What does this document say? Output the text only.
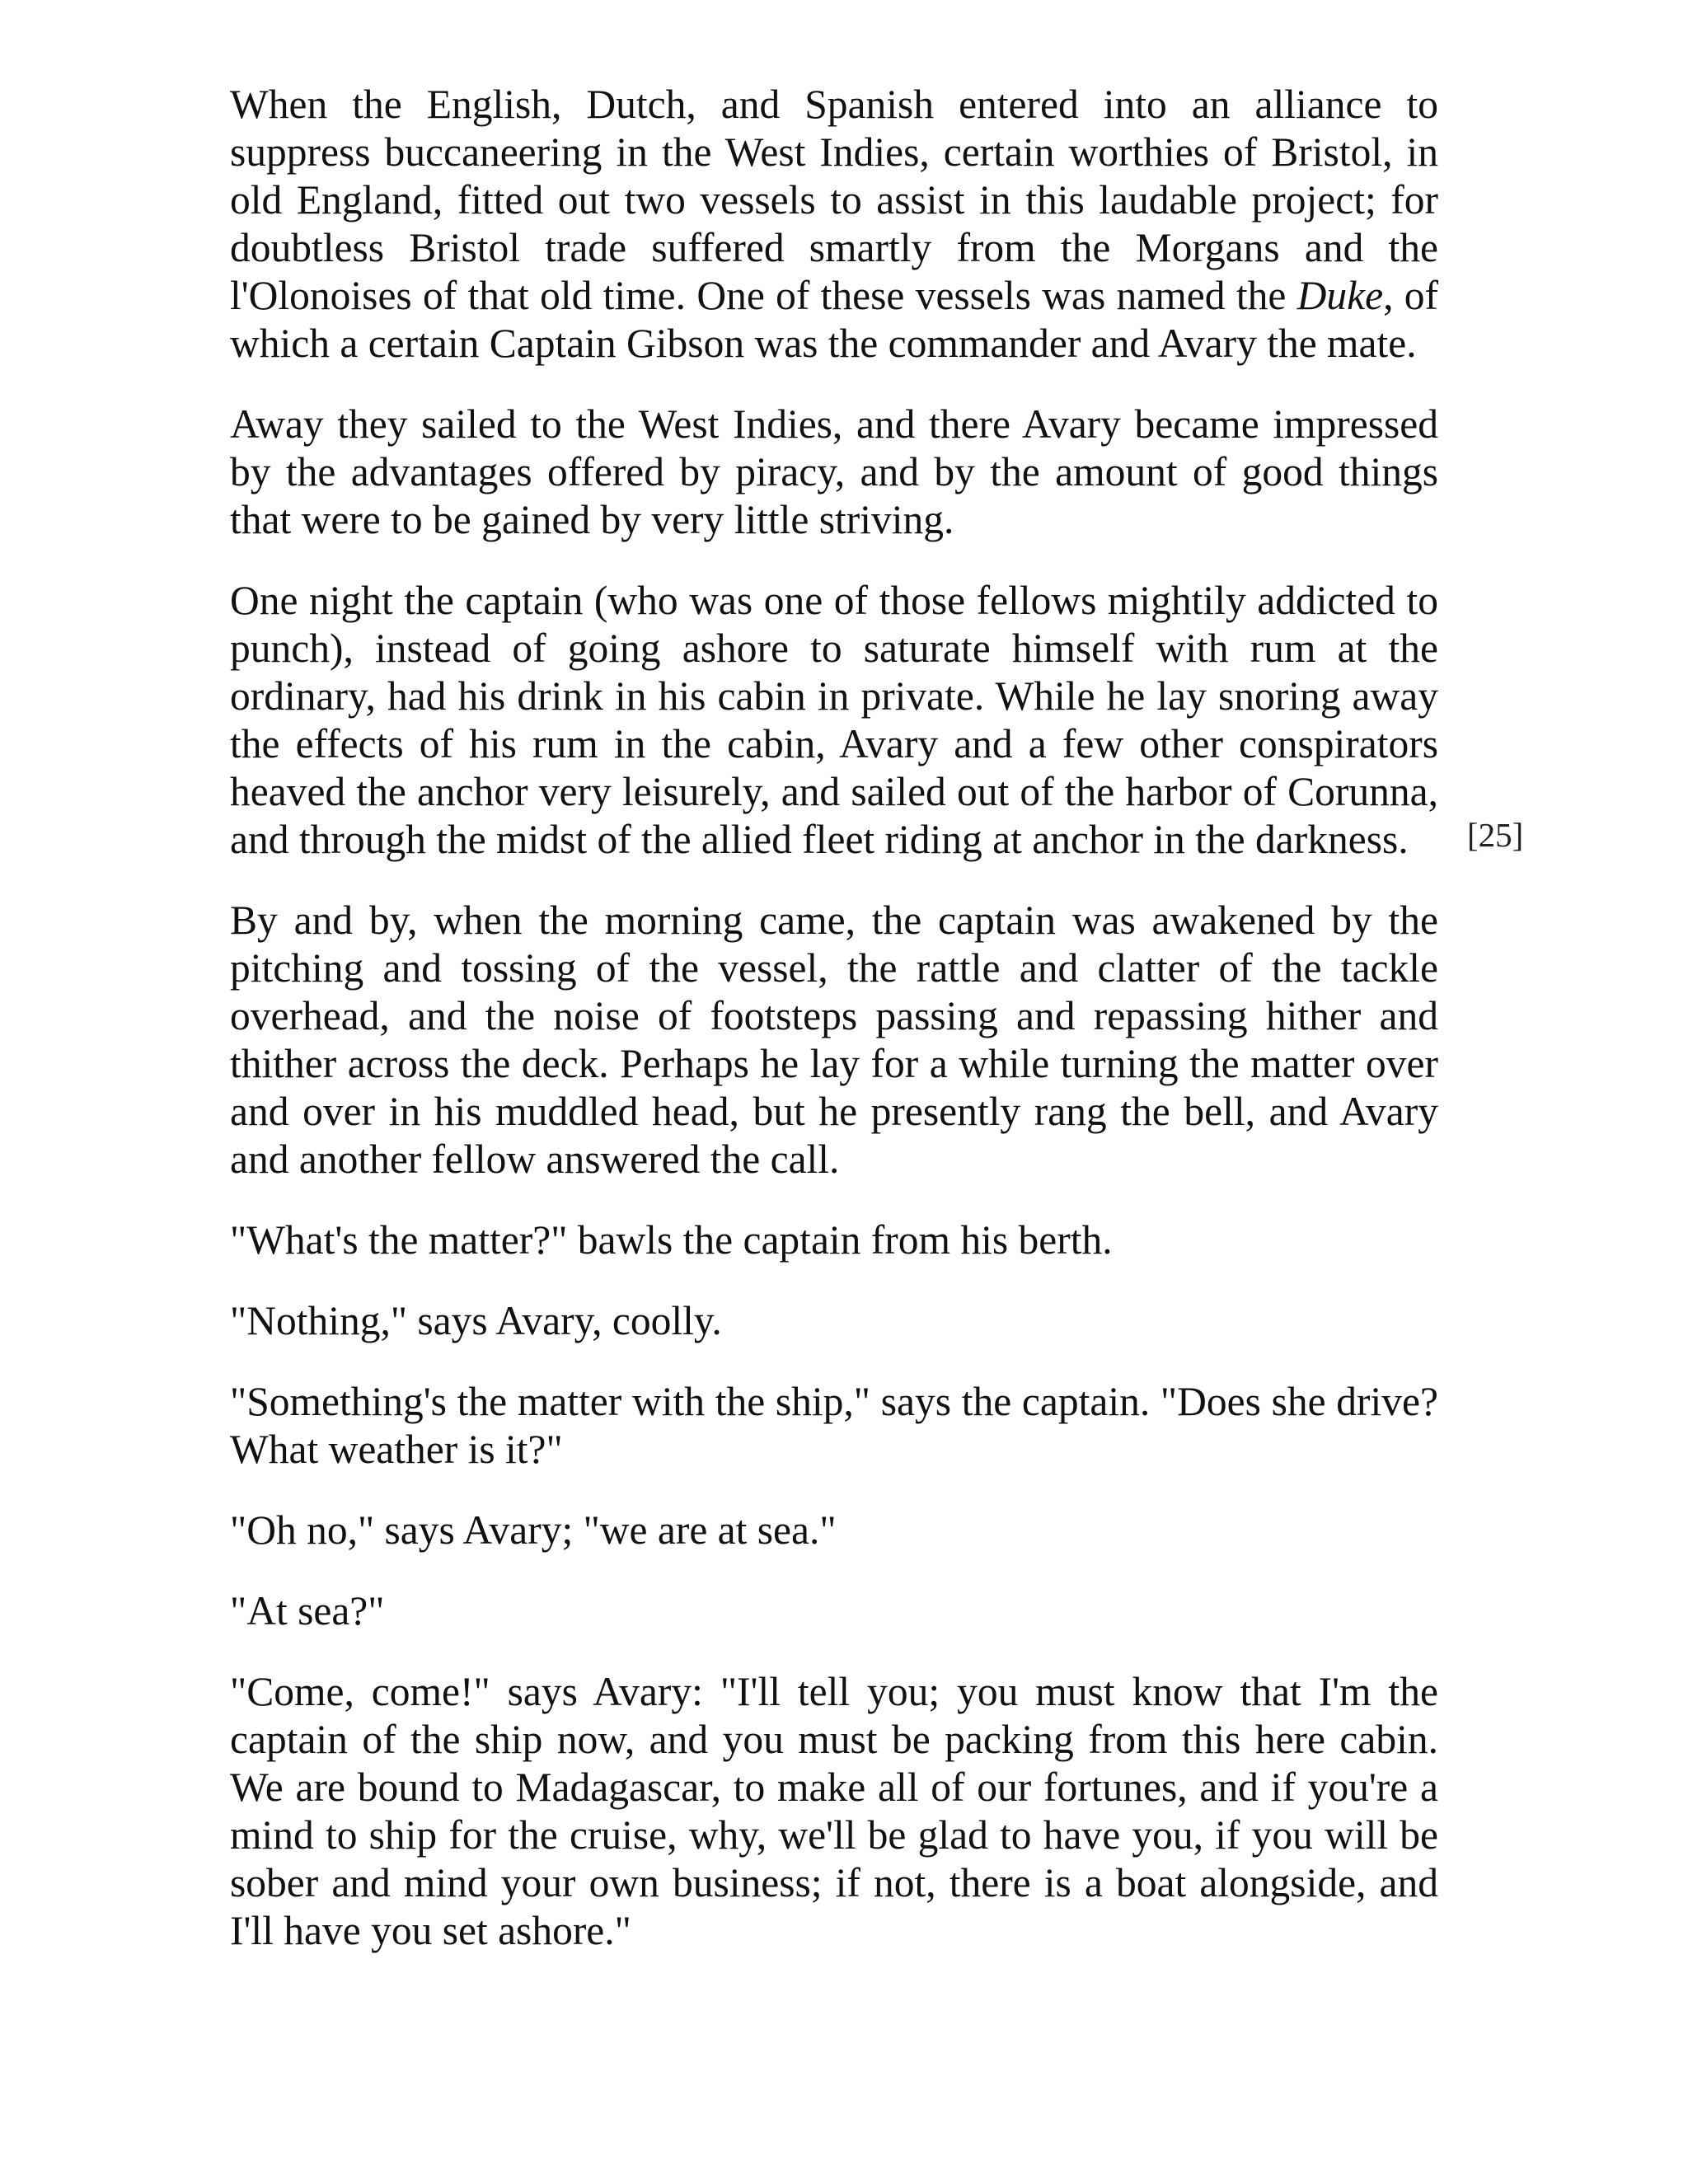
When the English, Dutch, and Spanish entered into an alliance to suppress buccaneering in the West Indies, certain worthies of Bristol, in old England, fitted out two vessels to assist in this laudable project; for doubtless Bristol trade suffered smartly from the Morgans and the l'Olonoises of that old time. One of these vessels was named the Duke, of which a certain Captain Gibson was the commander and Avary the mate.

Away they sailed to the West Indies, and there Avary became impressed by the advantages offered by piracy, and by the amount of good things that were to be gained by very little striving.

One night the captain (who was one of those fellows mightily addicted to punch), instead of going ashore to saturate himself with rum at the ordinary, had his drink in his cabin in private. While he lay snoring away the effects of his rum in the cabin, Avary and a few other conspirators heaved the anchor very leisurely, and sailed out of the harbor of Corunna, and through the midst of the allied fleet riding at anchor in the darkness.

By and by, when the morning came, the captain was awakened by the pitching and tossing of the vessel, the rattle and clatter of the tackle overhead, and the noise of footsteps passing and repassing hither and thither across the deck. Perhaps he lay for a while turning the matter over and over in his muddled head, but he presently rang the bell, and Avary and another fellow answered the call.

"What's the matter?" bawls the captain from his berth.

"Nothing," says Avary, coolly.

"Something's the matter with the ship," says the captain. "Does she drive? What weather is it?"

"Oh no," says Avary; "we are at sea."

"At sea?"

"Come, come!" says Avary: "I'll tell you; you must know that I'm the captain of the ship now, and you must be packing from this here cabin. We are bound to Madagascar, to make all of our fortunes, and if you're a mind to ship for the cruise, why, we'll be glad to have you, if you will be sober and mind your own business; if not, there is a boat alongside, and I'll have you set ashore."

[25]
